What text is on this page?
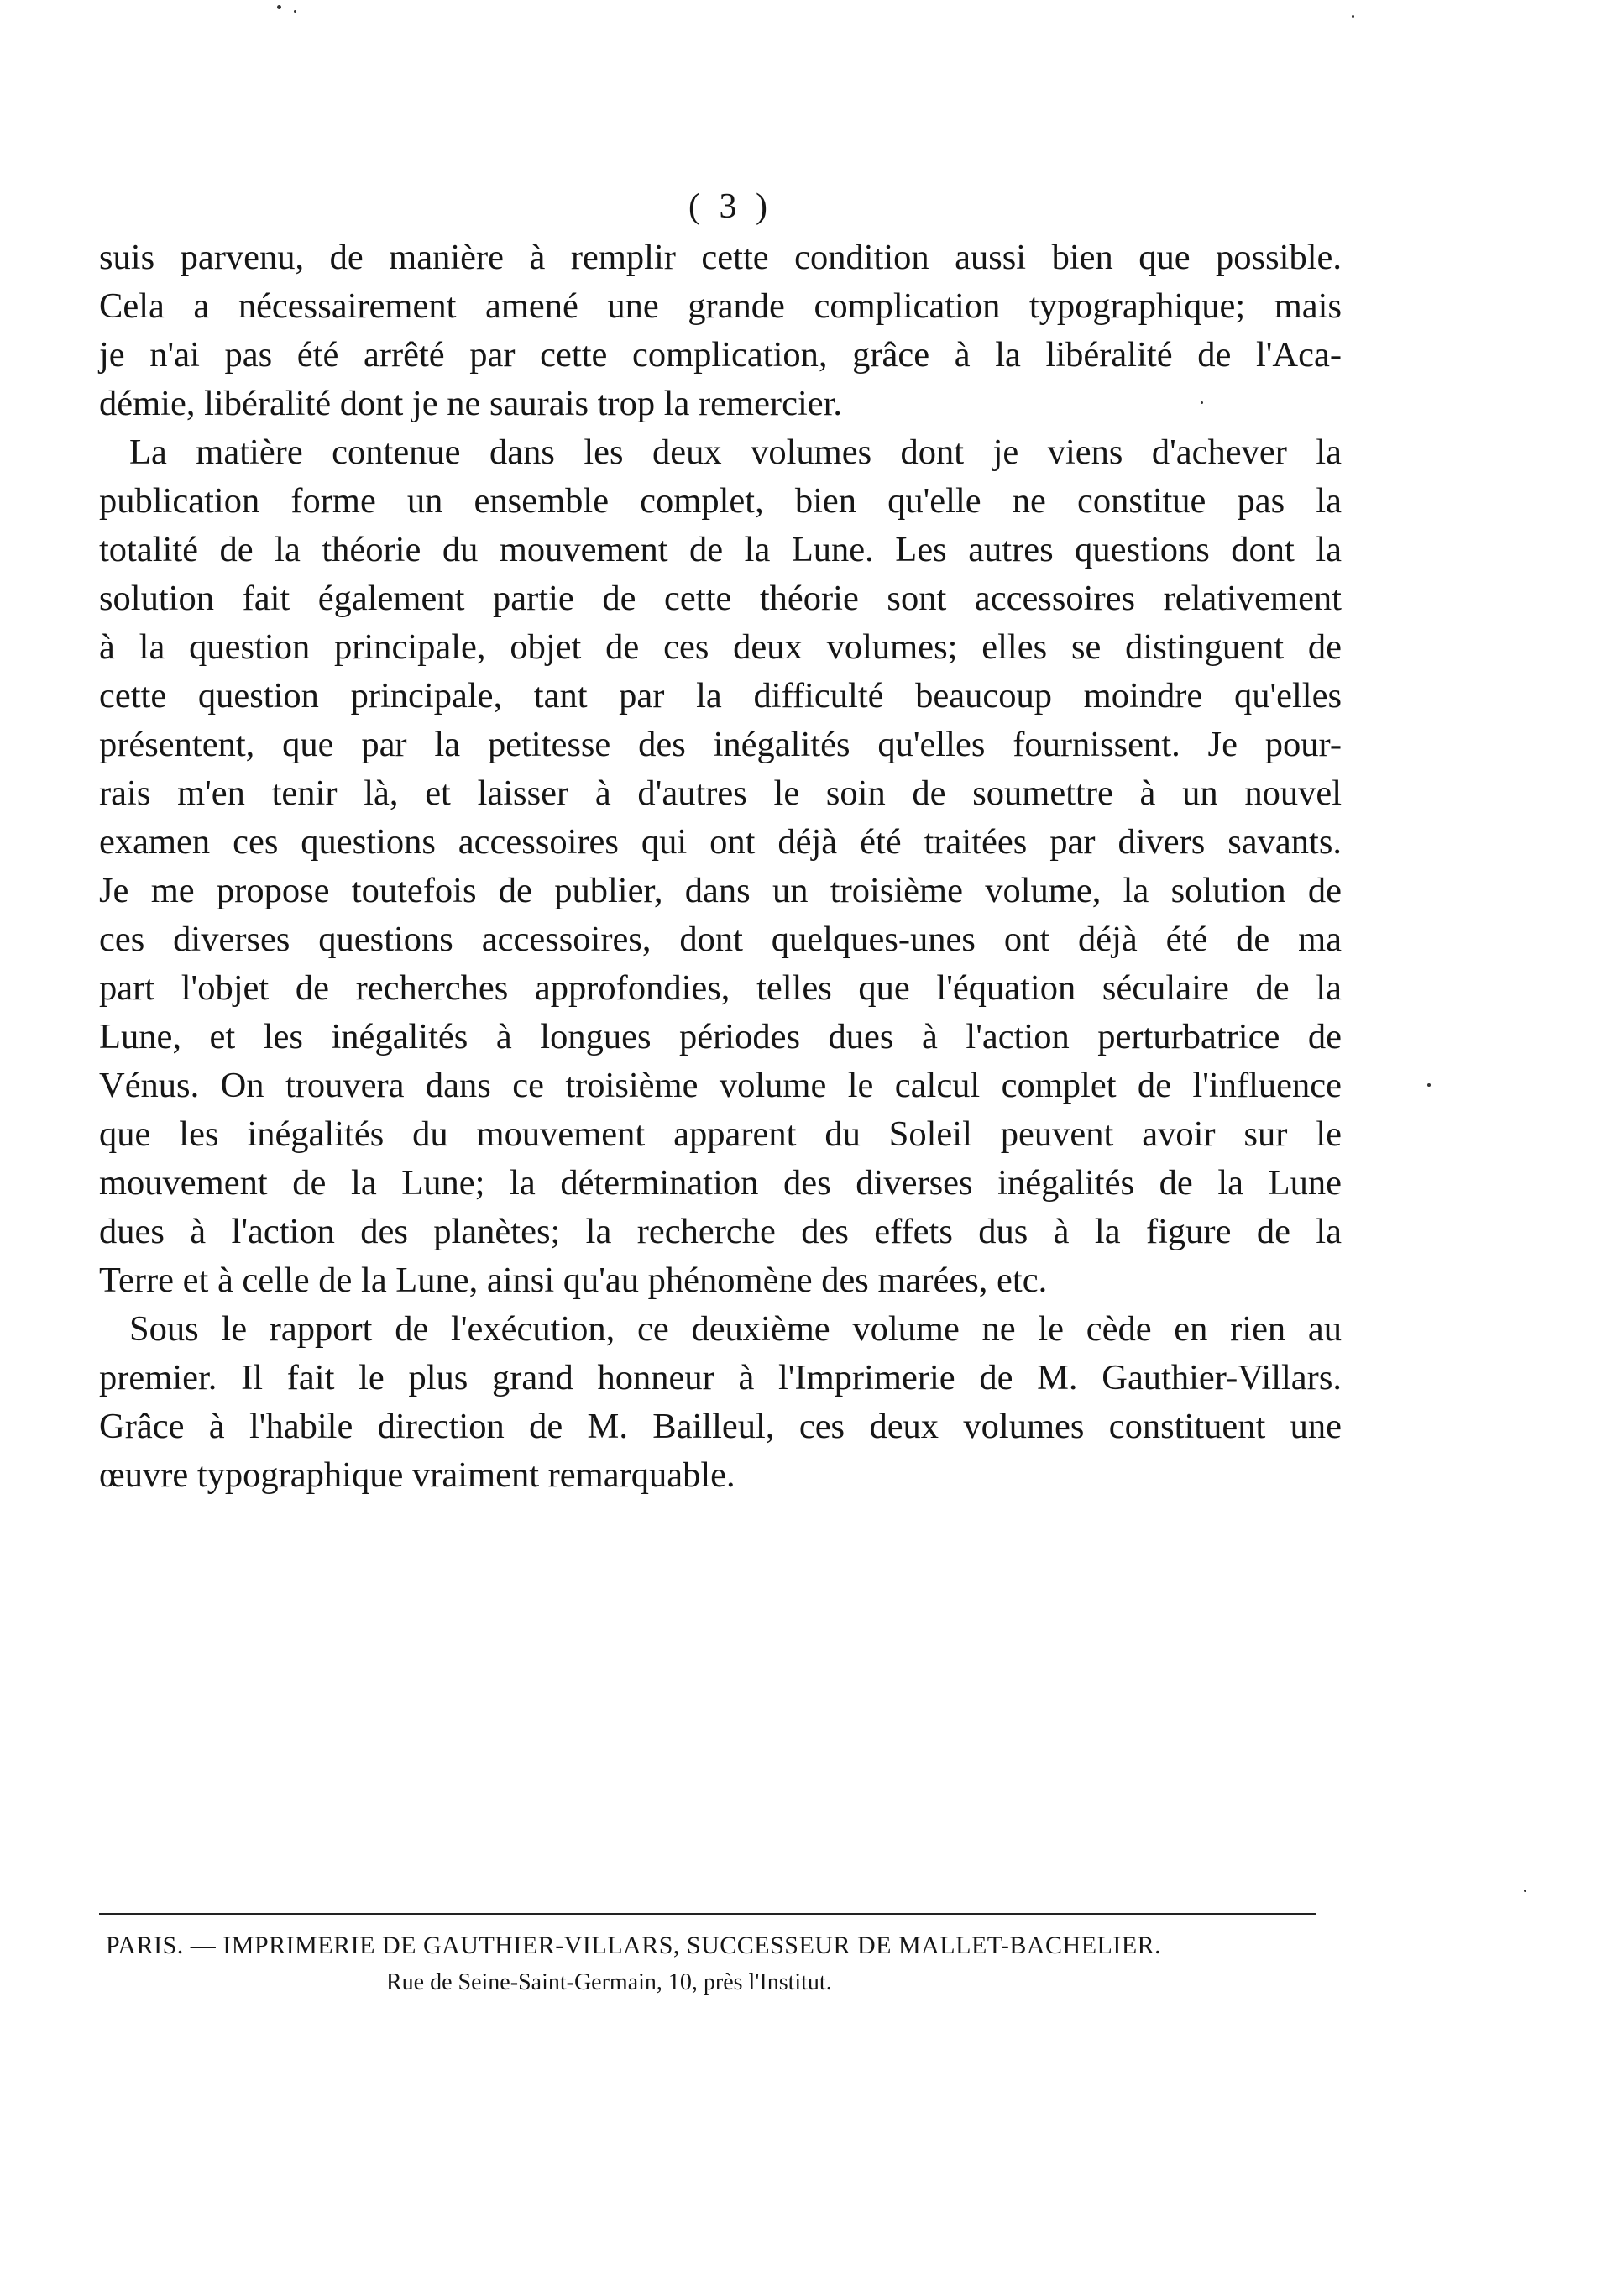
( 3 )
suis parvenu, de manière à remplir cette condition aussi bien que possible.
Cela a nécessairement amené une grande complication typographique; mais
je n'ai pas été arrêté par cette complication, grâce à la libéralité de l'Aca-
démie, libéralité dont je ne saurais trop la remercier.
La matière contenue dans les deux volumes dont je viens d'achever la
publication forme un ensemble complet, bien qu'elle ne constitue pas la
totalité de la théorie du mouvement de la Lune. Les autres questions dont la
solution fait également partie de cette théorie sont accessoires relativement
à la question principale, objet de ces deux volumes; elles se distinguent de
cette question principale, tant par la difficulté beaucoup moindre qu'elles
présentent, que par la petitesse des inégalités qu'elles fournissent. Je pour-
rais m'en tenir là, et laisser à d'autres le soin de soumettre à un nouvel
examen ces questions accessoires qui ont déjà été traitées par divers savants.
Je me propose toutefois de publier, dans un troisième volume, la solution de
ces diverses questions accessoires, dont quelques-unes ont déjà été de ma
part l'objet de recherches approfondies, telles que l'équation séculaire de la
Lune, et les inégalités à longues périodes dues à l'action perturbatrice de
Vénus. On trouvera dans ce troisième volume le calcul complet de l'influence
que les inégalités du mouvement apparent du Soleil peuvent avoir sur le
mouvement de la Lune; la détermination des diverses inégalités de la Lune
dues à l'action des planètes; la recherche des effets dus à la figure de la
Terre et à celle de la Lune, ainsi qu'au phénomène des marées, etc.
Sous le rapport de l'exécution, ce deuxième volume ne le cède en rien au
premier. Il fait le plus grand honneur à l'Imprimerie de M. Gauthier-Villars.
Grâce à l'habile direction de M. Bailleul, ces deux volumes constituent une
œuvre typographique vraiment remarquable.
PARIS. — IMPRIMERIE DE GAUTHIER-VILLARS, SUCCESSEUR DE MALLET-BACHELIER.
Rue de Seine-Saint-Germain, 10, près l'Institut.
